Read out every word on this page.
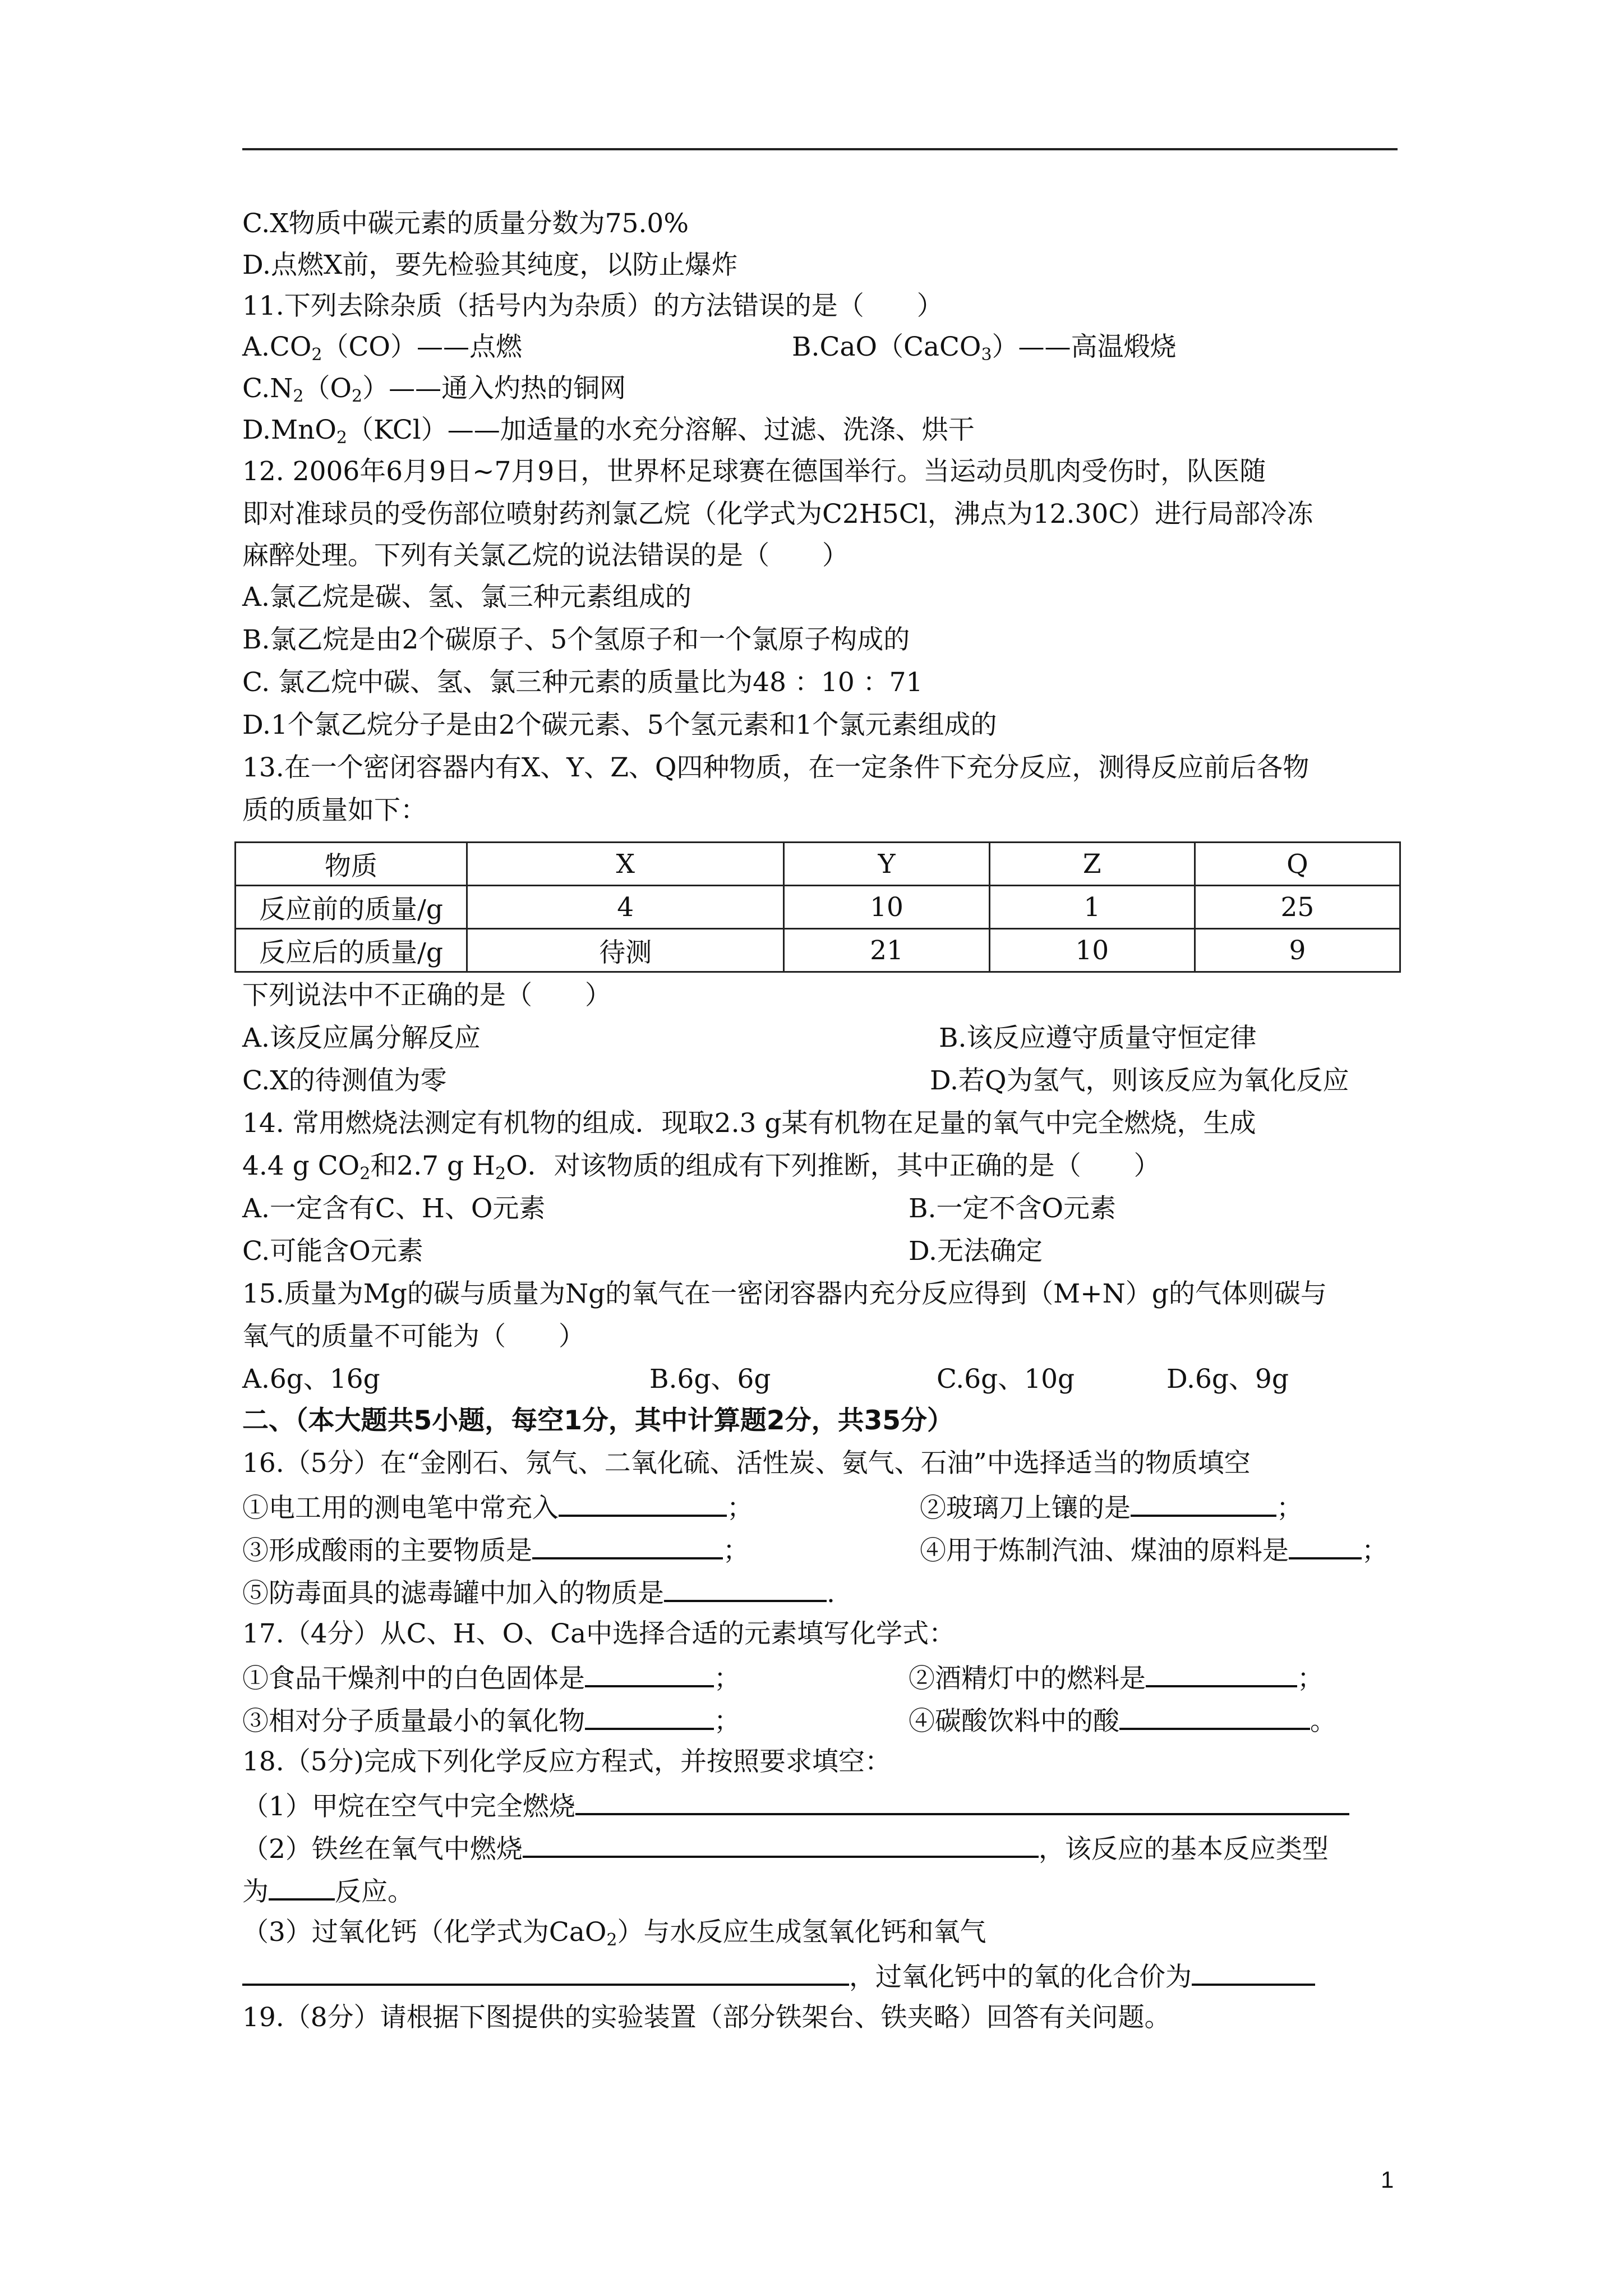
C.X物质中碳元素的质量分数为75.0%
D.点燃X前，要先检验其纯度，以防止爆炸
11.下列去除杂质（括号内为杂质）的方法错误的是（　　）
$A.CO_2(CO)——$点燃	B.CaO（CaCO$_3$）——高温煅烧
$C.N_2(O_2)——$通入灼热的铜网
D.MnO$_2$（KCl）——加适量的水充分溶解、过滤、洗涤、烘干
12. 2006年6月9日~7月9日，世界杯足球赛在德国举行。当运动员肌肉受伤时，队医随
即对准球员的受伤部位喷射药剂氯乙烷（化学式为C2H5Cl，沸点为12.30C）进行局部冷冻
麻醉处理。下列有关氯乙烷的说法错误的是（　　）
A.氯乙烷是碳、氢、氯三种元素组成的
B.氯乙烷是由2个碳原子、5个氢原子和一个氯原子构成的
C. 氯乙烷中碳、氢、氯三种元素的质量比为48 ：10 ：71
D.1个氯乙烷分子是由2个碳元素、5个氢元素和1个氯元素组成的
13.在一个密闭容器内有X、Y、Z、Q四种物质，在一定条件下充分反应，测得反应前后各物
质的质量如下：
物质	X	Y	Z	Q
反应前的质量/g	4	10	1	25
反应后的质量/g	待测	21	10	9
下列说法中不正确的是（　　）
A.该反应属分解反应	B.该反应遵守质量守恒定律
C.X的待测值为零	D.若Q为氢气，则该反应为氧化反应
14. 常用燃烧法测定有机物的组成．现取2.3 g某有机物在足量的氧气中完全燃烧，生成
4.4 g $CO_2$和2.7 g $H_2O$．对该物质的组成有下列推断，其中正确的是（　　）
A.一定含有C、H、O元素	B.一定不含O元素
C.可能含O元素	D.无法确定
15.质量为Mg的碳与质量为Ng的氧气在一密闭容器内充分反应得到（M+N）g的气体则碳与
氧气的质量不可能为（　　）
A.6g、16g	B.6g、6g	C.6g、10g	D.6g、9g
二、（本大题共5小题，每空1分，其中计算题2分，共35分）
16.（5分）在“金刚石、氖气、二氧化硫、活性炭、氨气、石油”中选择适当的物质填空
①电工用的测电笔中常充入	；	②玻璃刀上镶的是	；
③形成酸雨的主要物质是	；	④用于炼制汽油、煤油的原料是	；
⑤防毒面具的滤毒罐中加入的物质是	.
17.（4分）从C、H、O、Ca中选择合适的元素填写化学式：
①食品干燥剂中的白色固体是	；	②酒精灯中的燃料是	；
③相对分子质量最小的氧化物	；	④碳酸饮料中的酸	。
18.（5分)完成下列化学反应方程式，并按照要求填空：
（1）甲烷在空气中完全燃烧
（2）铁丝在氧气中燃烧	，该反应的基本反应类型
为	反应。
（3）过氧化钙（化学式为CaO$_2$）与水反应生成氢氧化钙和氧气
，过氧化钙中的氧的化合价为
19.（8分）请根据下图提供的实验装置（部分铁架台、铁夹略）回答有关问题。
1
